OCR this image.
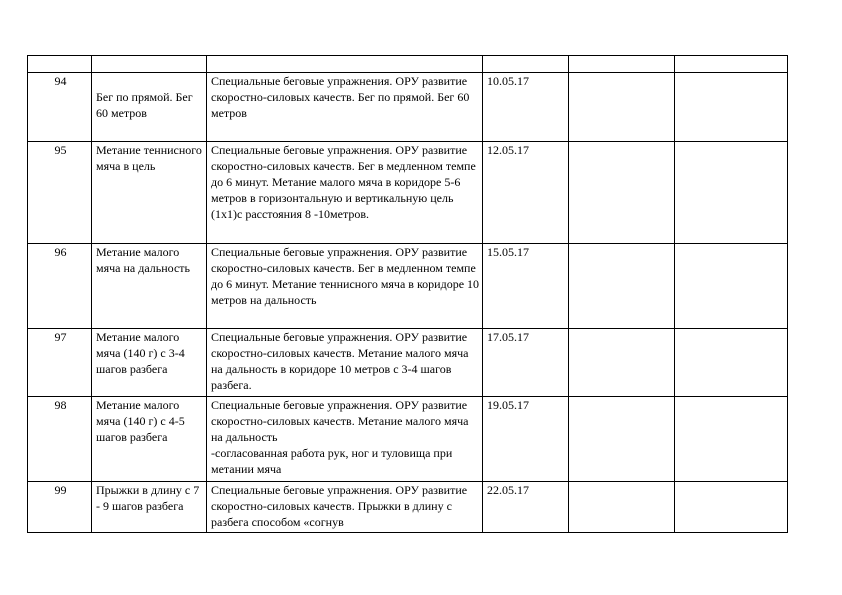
94	Бег по прямой. Бег 60 метров	Специальные беговые упражнения. ОРУ развитие скоростно-силовых качеств. Бег по прямой. Бег 60 метров	10.05.17		
95	Метание теннисного мяча в цель	Специальные беговые упражнения. ОРУ развитие скоростно-силовых качеств. Бег в медленном темпе до 6 минут. Метание малого мяча в коридоре 5-6 метров в горизонтальную и вертикальную цель (1х1)с расстояния 8 -10метров.	12.05.17		
96	Метание малого мяча на дальность	Специальные беговые упражнения. ОРУ развитие скоростно-силовых качеств. Бег в медленном темпе до 6 минут. Метание теннисного мяча в коридоре 10 метров на дальность	15.05.17		
97	Метание малого мяча (140 г) с 3-4 шагов разбега	Специальные беговые упражнения. ОРУ развитие скоростно-силовых качеств. Метание малого мяча на дальность в коридоре 10 метров с 3-4 шагов разбега.	17.05.17		
98	Метание малого мяча (140 г) с 4-5 шагов разбега	Специальные беговые упражнения. ОРУ развитие скоростно-силовых качеств. Метание малого мяча на дальность
-согласованная работа рук, ног и туловища при метании мяча	19.05.17		
99	Прыжки в длину с 7 - 9 шагов разбега	Специальные беговые упражнения. ОРУ развитие скоростно-силовых качеств. Прыжки в длину с разбега способом «согнув	22.05.17		
